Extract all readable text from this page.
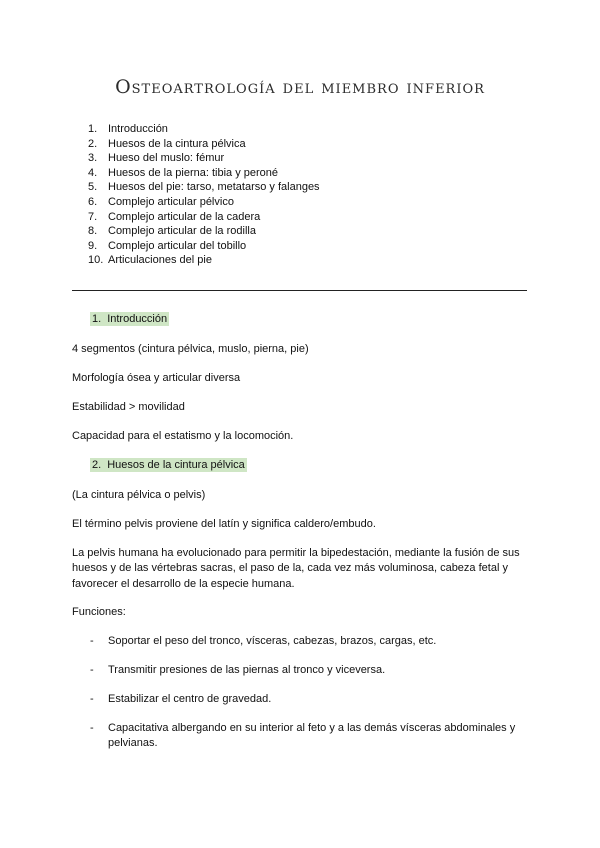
Osteoartrología del miembro inferior
1. Introducción
2. Huesos de la cintura pélvica
3. Hueso del muslo: fémur
4. Huesos de la pierna: tibia y peroné
5. Huesos del pie: tarso, metatarso y falanges
6. Complejo articular pélvico
7. Complejo articular de la cadera
8. Complejo articular de la rodilla
9. Complejo articular del tobillo
10. Articulaciones del pie
1. Introducción
4 segmentos (cintura pélvica, muslo, pierna, pie)
Morfología ósea y articular diversa
Estabilidad > movilidad
Capacidad para el estatismo y la locomoción.
2. Huesos de la cintura pélvica
(La cintura pélvica o pelvis)
El término pelvis proviene del latín y significa caldero/embudo.
La pelvis humana ha evolucionado para permitir la bipedestación, mediante la fusión de sus huesos y de las vértebras sacras, el paso de la, cada vez más voluminosa, cabeza fetal y favorecer el desarrollo de la especie humana.
Funciones:
-	Soportar el peso del tronco, vísceras, cabezas, brazos, cargas, etc.
-	Transmitir presiones de las piernas al tronco y viceversa.
-	Estabilizar el centro de gravedad.
-	Capacitativa albergando en su interior al feto y a las demás vísceras abdominales y pelvianas.
